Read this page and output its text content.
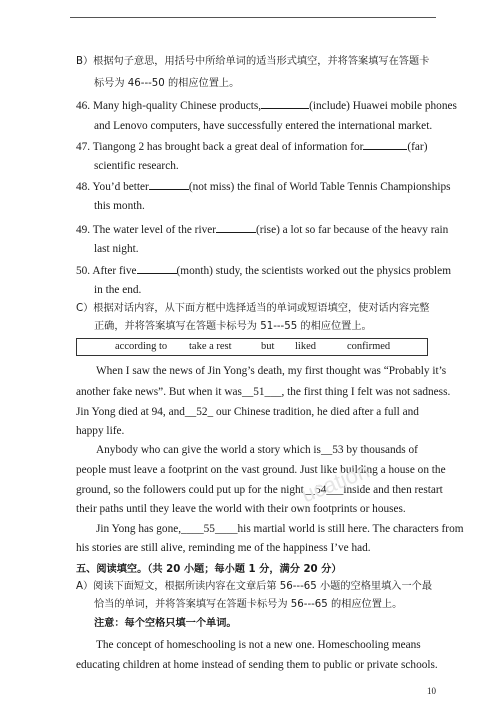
B）根据句子意思，用括号中所给单词的适当形式填空，并将答案填写在答题卡
标号为 46---50 的相应位置上。
46. Many high-quality Chinese products,	(include) Huawei mobile phones
and Lenovo computers, have successfully entered the international market.
47. Tiangong 2 has brought back a great deal of information for	(far)
scientific research.
48. You’d better	(not miss) the final of World Table Tennis Championships
this month.
49. The water level of the river	(rise) a lot so far because of the heavy rain
last night.
50. After five	(month) study, the scientists worked out the physics problem
in the end.
C）根据对话内容，从下面方框中选择适当的单词或短语填空，使对话内容完整
正确，并将答案填写在答题卡标号为 51---55 的相应位置上。
according to take a rest	but liked	confirmed
When I saw the news of Jin Yong’s death, my first thought was “Probably it’s
another fake news”. But when it was__51___, the first thing I felt was not sadness.
Jin Yong died at 94, and__52_ our Chinese tradition, he died after a full and
happy life.
Anybody who can give the world a story which is__53 by thousands of
people must leave a footprint on the vast ground. Just like building a house on the
ground, so the followers could put up for the night__54___inside and then restart
their paths until they leave the world with their own footprints or houses.
Jin Yong has gone,____55____his martial world is still here. The characters from
his stories are still alive, reminding me of the happiness I’ve had.
五、阅读填空。（共 20 小题；每小题 1 分，满分 20 分）
A）阅读下面短文，根据所读内容在文章后第 56---65 小题的空格里填入一个最
恰当的单词，并将答案填写在答题卡标号为 56---65 的相应位置上。
注意：每个空格只填一个单词。
The concept of homeschooling is not a new one. Homeschooling means
educating children at home instead of sending them to public or private schools.
ucation
10
